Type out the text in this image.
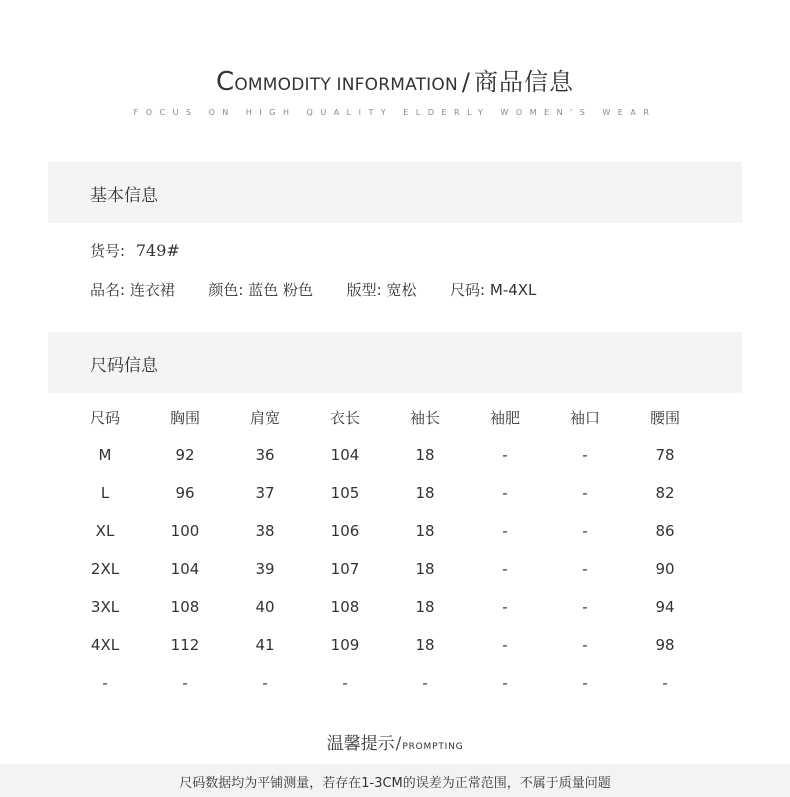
COMMODITY INFORMATION / 商品信息
FOCUS ON HIGH QUALITY ELDERLY WOMEN'S WEAR
基本信息
货号: 749#
品名: 连衣裙 颜色: 蓝色 粉色 版型: 宽松 尺码: M-4XL
尺码信息
尺码	胸围	肩宽	衣长	袖长	袖肥	袖口	腰围
M	92	36	104	18	-	-	78
L	96	37	105	18	-	-	82
XL	100	38	106	18	-	-	86
2XL	104	39	107	18	-	-	90
3XL	108	40	108	18	-	-	94
4XL	112	41	109	18	-	-	98
-	-	-	-	-	-	-	-
温馨提示/PROMPTING
尺码数据均为平铺测量，若存在1-3CM的误差为正常范围，不属于质量问题
